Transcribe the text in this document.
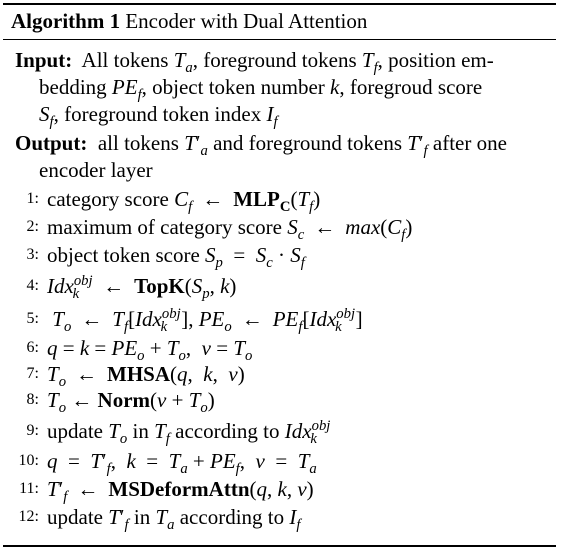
Algorithm 1 Encoder with Dual Attention
Input:  All tokens $T_a$, foreground tokens $T_f$, position em-
bedding $PE_f$, object token number k, foregroud score
$S_f$, foreground token index $I_f$
Output:  all tokens $T'_a$ and foreground tokens $T'_f$ after one
encoder layer
1: category score $C_f$ ← $MLP_C(T_f)$
2: maximum of category score $S_c$ ← $\max(C_f)$
3: object token score $S_p = S_c \cdot S_f$
4: Idx$^{obj}_k$ ← $TopK(S_p$, k)
5: $T_o$ ← $T_f[Idx^{obj}_k$ ], $PE_o$ ← $PE_f[Idx^{obj}_k$ ]
6: $q = k = PE_o + T_o$,  $v = T_o$
7: $T_o$ ← MHSA(q,  k,  v)
8: $T_o$ ← Norm(v + $T_o$)
9: update $T_o$ in $T_f$ according to Idx$^{obj}_k$
10: $q = T'_f$,  $k = T_a + PE_f$,  $v = T_a$
11: $T'_f$ ← MSDeformAttn(q, k, v)
12: update $T'_f$ in $T_a$ according to $I_f$
